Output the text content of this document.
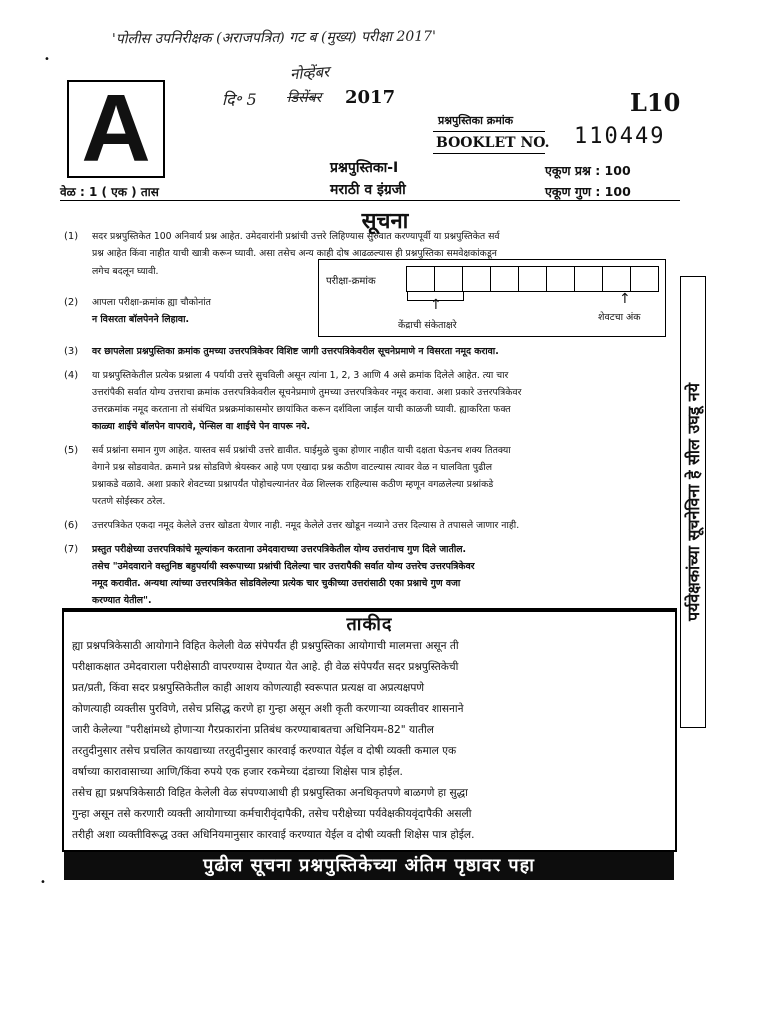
'पोलीस उपनिरीक्षक (अराजपत्रित) गट ब (मुख्य) परीक्षा 2017'
नोव्हेंबर
दि॰ 5 डिसेंबर 2017
A	L10
प्रश्नपुस्तिका क्रमांक
BOOKLET NO. 110449
प्रश्नपुस्तिका-I
मराठी व इंग्रजी
एकूण प्रश्न : 100
एकूण गुण : 100
वेळ : 1 ( एक ) तास
सूचना
(1) सदर प्रश्नपुस्तिकेत 100 अनिवार्य प्रश्न आहेत. उमेदवारांनी प्रश्नांची उत्तरे लिहिण्यास सुरुवात करण्यापूर्वी या प्रश्नपुस्तिकेत सर्व
प्रश्न आहेत किंवा नाहीत याची खात्री करून घ्यावी. असा तसेच अन्य काही दोष आढळल्यास ही प्रश्नपुस्तिका समवेक्षकांकडून
लगेच बदलून घ्यावी.
(2) आपला परीक्षा-क्रमांक ह्या चौकोनांत
न विसरता बॉलपेनने लिहावा.
परीक्षा-क्रमांक
↑
केंद्राची संकेताक्षरे
↑
शेवटचा अंक
(3) वर छापलेला प्रश्नपुस्तिका क्रमांक तुमच्या उत्तरपत्रिकेवर विशिष्ट जागी उत्तरपत्रिकेवरील सूचनेप्रमाणे न विसरता नमूद करावा.
(4) या प्रश्नपुस्तिकेतील प्रत्येक प्रश्नाला 4 पर्यायी उत्तरे सुचविली असून त्यांना 1, 2, 3 आणि 4 असे क्रमांक दिलेले आहेत. त्या चार
उत्तरांपैकी सर्वात योग्य उत्तराचा क्रमांक उत्तरपत्रिकेवरील सूचनेप्रमाणे तुमच्या उत्तरपत्रिकेवर नमूद करावा. अशा प्रकारे उत्तरपत्रिकेवर
उत्तरक्रमांक नमूद करताना तो संबंधित प्रश्नक्रमांकासमोर छायांकित करून दर्शविला जाईल याची काळजी घ्यावी. ह्याकरिता फक्त
काळ्या शाईचे बॉलपेन वापरावे, पेन्सिल वा शाईचे पेन वापरू नये.
(5) सर्व प्रश्नांना समान गुण आहेत. यास्तव सर्व प्रश्नांची उत्तरे द्यावीत. घाईमुळे चुका होणार नाहीत याची दक्षता घेऊनच शक्य तितक्या
वेगाने प्रश्न सोडवावेत. क्रमाने प्रश्न सोडविणे श्रेयस्कर आहे पण एखादा प्रश्न कठीण वाटल्यास त्यावर वेळ न घालविता पुढील
प्रश्नाकडे वळावे. अशा प्रकारे शेवटच्या प्रश्नापर्यंत पोहोचल्यानंतर वेळ शिल्लक राहिल्यास कठीण म्हणून वगळलेल्या प्रश्नांकडे
परतणे सोईस्कर ठरेल.
(6) उत्तरपत्रिकेत एकदा नमूद केलेले उत्तर खोडता येणार नाही. नमूद केलेले उत्तर खोडून नव्याने उत्तर दिल्यास ते तपासले जाणार नाही.
(7) प्रस्तुत परीक्षेच्या उत्तरपत्रिकांचे मूल्यांकन करताना उमेदवाराच्या उत्तरपत्रिकेतील योग्य उत्तरांनाच गुण दिले जातील.
तसेच "उमेदवाराने वस्तुनिष्ठ बहुपर्यायी स्वरूपाच्या प्रश्नांची दिलेल्या चार उत्तरापैकी सर्वात योग्य उत्तरेच उत्तरपत्रिकेवर
नमूद करावीत. अन्यथा त्यांच्या उत्तरपत्रिकेत सोडविलेल्या प्रत्येक चार चुकीच्या उत्तरांसाठी एका प्रश्नाचे गुण वजा
करण्यात येतील".
ताकीद
ह्या प्रश्नपत्रिकेसाठी आयोगाने विहित केलेली वेळ संपेपर्यंत ही प्रश्नपुस्तिका आयोगाची मालमत्ता असून ती
परीक्षाकक्षात उमेदवाराला परीक्षेसाठी वापरण्यास देण्यात येत आहे. ही वेळ संपेपर्यंत सदर प्रश्नपुस्तिकेची
प्रत/प्रती, किंवा सदर प्रश्नपुस्तिकेतील काही आशय कोणत्याही स्वरूपात प्रत्यक्ष वा अप्रत्यक्षपणे
कोणत्याही व्यक्तीस पुरविणे, तसेच प्रसिद्ध करणे हा गुन्हा असून अशी कृती करणाऱ्या व्यक्तीवर शासनाने
जारी केलेल्या "परीक्षांमध्ये होणाऱ्या गैरप्रकारांना प्रतिबंध करण्याबाबतचा अधिनियम-82" यातील
तरतुदीनुसार तसेच प्रचलित कायद्याच्या तरतुदीनुसार कारवाई करण्यात येईल व दोषी व्यक्ती कमाल एक
वर्षाच्या कारावासाच्या आणि/किंवा रुपये एक हजार रकमेच्या दंडाच्या शिक्षेस पात्र होईल.
तसेच ह्या प्रश्नपत्रिकेसाठी विहित केलेली वेळ संपण्याआधी ही प्रश्नपुस्तिका अनधिकृतपणे बाळगणे हा सुद्धा
गुन्हा असून तसे करणारी व्यक्ती आयोगाच्या कर्मचारीवृंदापैकी, तसेच परीक्षेच्या पर्यवेक्षकीयवृंदापैकी असली
तरीही अशा व्यक्तीविरूद्ध उक्त अधिनियमानुसार कारवाई करण्यात येईल व दोषी व्यक्ती शिक्षेस पात्र होईल.
पुढील सूचना प्रश्नपुस्तिकेच्या अंतिम पृष्ठावर पहा
पर्यवेक्षकांच्या सूचनेविना हे सील उघडू नये
•
•
